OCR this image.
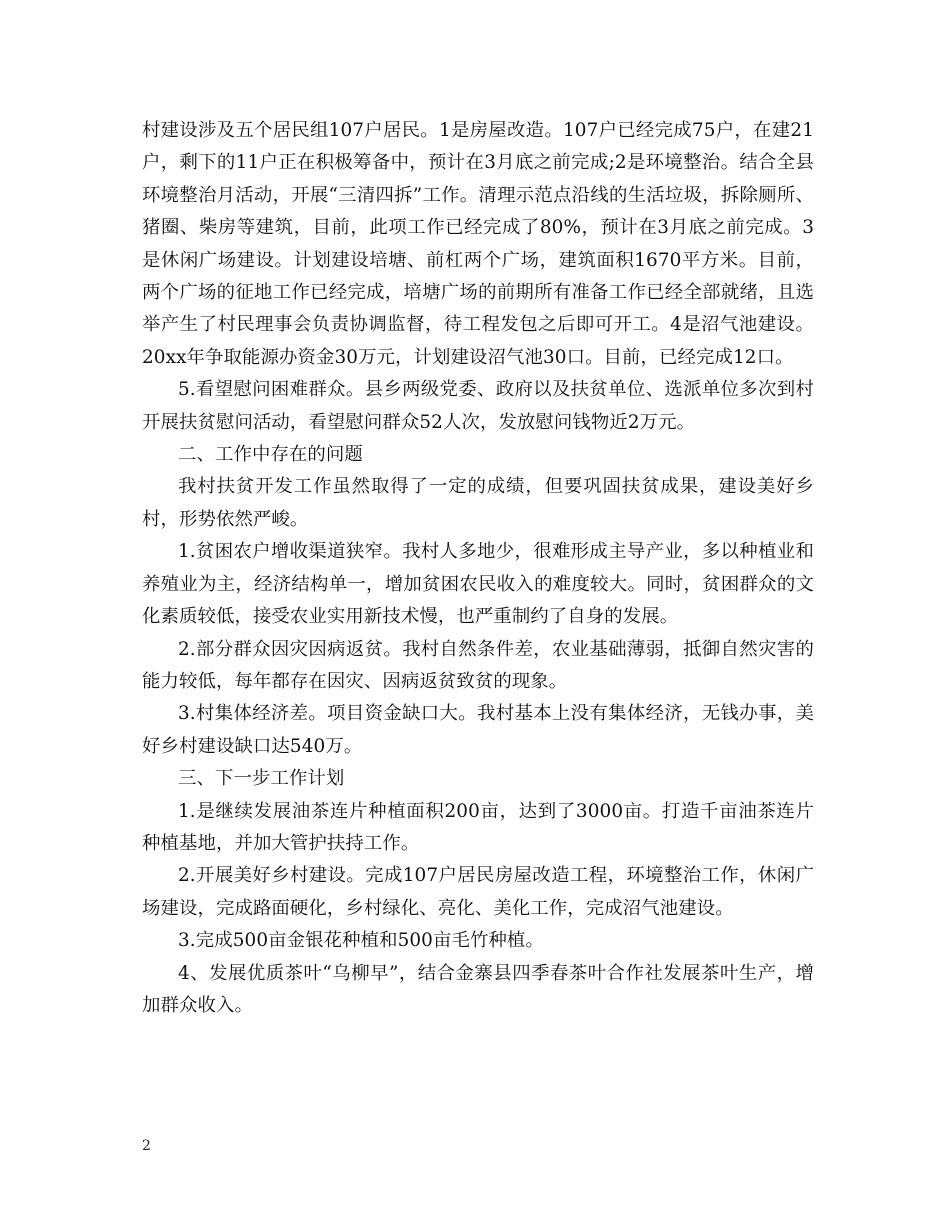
村建设涉及五个居民组107户居民。1是房屋改造。107户已经完成75户，在建21户，剩下的11户正在积极筹备中，预计在3月底之前完成;2是环境整治。结合全县环境整治月活动，开展“三清四拆”工作。清理示范点沿线的生活垃圾，拆除厕所、猪圈、柴房等建筑，目前，此项工作已经完成了80%，预计在3月底之前完成。3是休闲广场建设。计划建设培塘、前杠两个广场，建筑面积1670平方米。目前，两个广场的征地工作已经完成，培塘广场的前期所有准备工作已经全部就绪，且选举产生了村民理事会负责协调监督，待工程发包之后即可开工。4是沼气池建设。20xx年争取能源办资金30万元，计划建设沼气池30口。目前，已经完成12口。

5.看望慰问困难群众。县乡两级党委、政府以及扶贫单位、选派单位多次到村开展扶贫慰问活动，看望慰问群众52人次，发放慰问钱物近2万元。

二、工作中存在的问题

我村扶贫开发工作虽然取得了一定的成绩，但要巩固扶贫成果，建设美好乡村，形势依然严峻。

1.贫困农户增收渠道狭窄。我村人多地少，很难形成主导产业，多以种植业和养殖业为主，经济结构单一，增加贫困农民收入的难度较大。同时，贫困群众的文化素质较低，接受农业实用新技术慢，也严重制约了自身的发展。

2.部分群众因灾因病返贫。我村自然条件差，农业基础薄弱，抵御自然灾害的能力较低，每年都存在因灾、因病返贫致贫的现象。

3.村集体经济差。项目资金缺口大。我村基本上没有集体经济，无钱办事，美好乡村建设缺口达540万。

三、下一步工作计划

1.是继续发展油茶连片种植面积200亩，达到了3000亩。打造千亩油茶连片种植基地，并加大管护扶持工作。

2.开展美好乡村建设。完成107户居民房屋改造工程，环境整治工作，休闲广场建设，完成路面硬化，乡村绿化、亮化、美化工作，完成沼气池建设。

3.完成500亩金银花种植和500亩毛竹种植。

4、发展优质茶叶“乌柳早”，结合金寨县四季春茶叶合作社发展茶叶生产，增加群众收入。

2
